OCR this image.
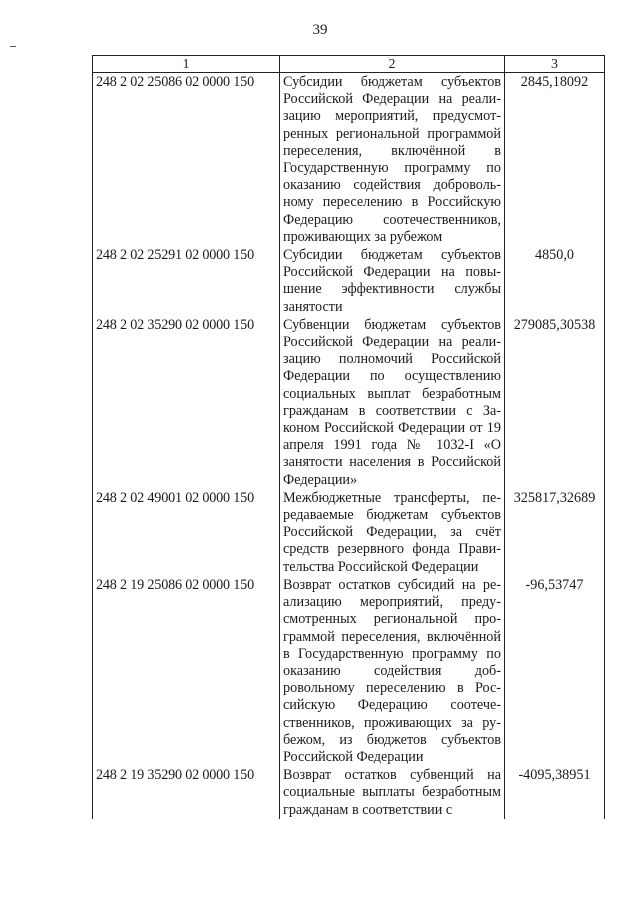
39
1	2	3
248 2 02 25086 02 0000 150	Субсидии бюджетам субъектов Российской Федерации на реализацию мероприятий, предусмотренных региональной программой переселения, включённой в Государственную программу по оказанию содействия добровольному переселению в Российскую Федерацию соотечественников, проживающих за рубежом	2845,18092
248 2 02 25291 02 0000 150	Субсидии бюджетам субъектов Российской Федерации на повышение эффективности службы занятости	4850,0
248 2 02 35290 02 0000 150	Субвенции бюджетам субъектов Российской Федерации на реализацию полномочий Российской Федерации по осуществлению социальных выплат безработным гражданам в соответствии с Законом Российской Федерации от 19 апреля 1991 года № 1032-I «О занятости населения в Российской Федерации»	279085,30538
248 2 02 49001 02 0000 150	Межбюджетные трансферты, передаваемые бюджетам субъектов Российской Федерации, за счёт средств резервного фонда Правительства Российской Федерации	325817,32689
248 2 19 25086 02 0000 150	Возврат остатков субсидий на реализацию мероприятий, предусмотренных региональной программой переселения, включённой в Государственную программу по оказанию содействия добровольному переселению в Российскую Федерацию соотечественников, проживающих за рубежом, из бюджетов субъектов Российской Федерации	-96,53747
248 2 19 35290 02 0000 150	Возврат остатков субвенций на социальные выплаты безработным гражданам в соответствии с	-4095,38951
